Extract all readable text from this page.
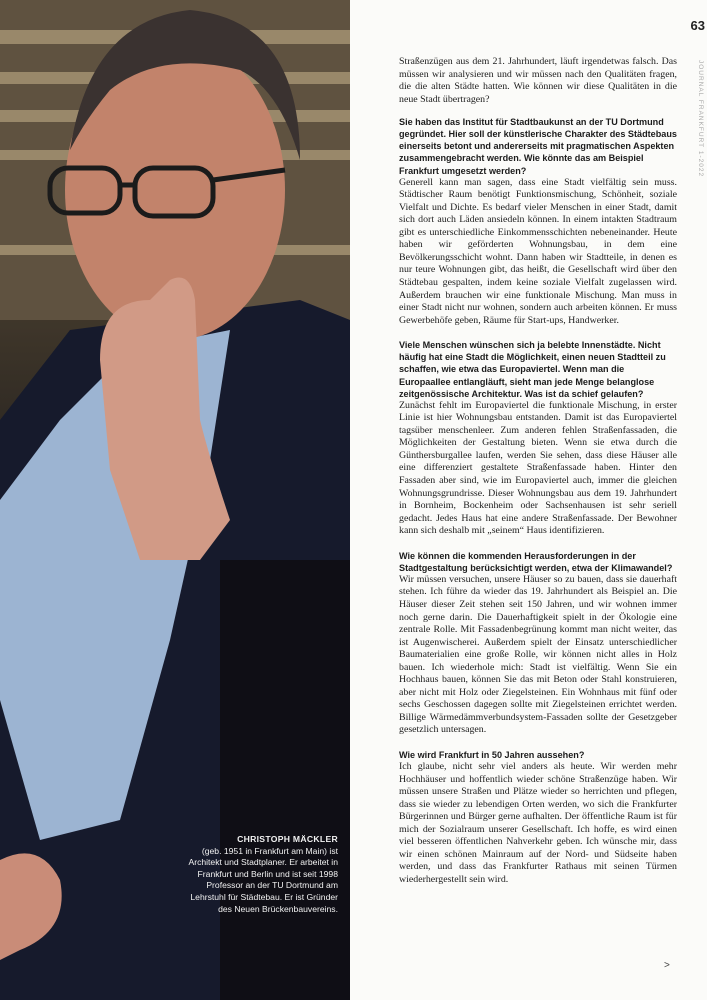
CHRISTOPH MÄCKLER
(geb. 1951 in Frankfurt am Main) ist Architekt und Stadtplaner. Er arbeitet in Frankfurt und Berlin und ist seit 1998 Professor an der TU Dortmund am Lehrstuhl für Städtebau. Er ist Gründer des Neuen Brückenbauvereins.
63
JOURNAL FRANKFURT 1-2022

Straßenzügen aus dem 21. Jahrhundert, läuft irgendetwas falsch. Das müssen wir analysieren und wir müssen nach den Qualitäten fragen, die die alten Städte hatten. Wie können wir diese Qualitäten in die neue Stadt übertragen?

Sie haben das Institut für Stadtbaukunst an der TU Dortmund gegründet. Hier soll der künstlerische Charakter des Städtebaus einerseits betont und andererseits mit pragmatischen Aspekten zusammengebracht werden. Wie könnte das am Beispiel Frankfurt umgesetzt werden?

Generell kann man sagen, dass eine Stadt vielfältig sein muss. Städtischer Raum benötigt Funktionsmischung, Schönheit, soziale Vielfalt und Dichte. Es bedarf vieler Menschen in einer Stadt, damit sich dort auch Läden ansiedeln können. In einem intakten Stadtraum gibt es unterschiedliche Einkommensschichten nebeneinander. Heute haben wir geförderten Wohnungsbau, in dem eine Bevölkerungsschicht wohnt. Dann haben wir Stadtteile, in denen es nur teure Wohnungen gibt, das heißt, die Gesellschaft wird über den Städtebau gespalten, indem keine soziale Vielfalt zugelassen wird. Außerdem brauchen wir eine funktionale Mischung. Man muss in einer Stadt nicht nur wohnen, sondern auch arbeiten können. Er muss Gewerbehöfe geben, Räume für Start-ups, Handwerker.

Viele Menschen wünschen sich ja belebte Innenstädte. Nicht häufig hat eine Stadt die Möglichkeit, einen neuen Stadtteil zu schaffen, wie etwa das Europaviertel. Wenn man die Europaallee entlangläuft, sieht man jede Menge belanglose zeitgenössische Architektur. Was ist da schief gelaufen?

Zunächst fehlt im Europaviertel die funktionale Mischung, in erster Linie ist hier Wohnungsbau entstanden. Damit ist das Europaviertel tagsüber menschenleer. Zum anderen fehlen Straßenfassaden, die Möglichkeiten der Gestaltung bieten. Wenn sie etwa durch die Günthersburgallee laufen, werden Sie sehen, dass diese Häuser alle eine differenziert gestaltete Straßenfassade haben. Hinter den Fassaden aber sind, wie im Europaviertel auch, immer die gleichen Wohnungsgrundrisse. Dieser Wohnungsbau aus dem 19. Jahrhundert in Bornheim, Bockenheim oder Sachsenhausen ist sehr seriell gedacht. Jedes Haus hat eine andere Straßenfassade. Der Bewohner kann sich deshalb mit „seinem“ Haus identifizieren.

Wie können die kommenden Herausforderungen in der Stadtgestaltung berücksichtigt werden, etwa der Klimawandel?

Wir müssen versuchen, unsere Häuser so zu bauen, dass sie dauerhaft stehen. Ich führe da wieder das 19. Jahrhundert als Beispiel an. Die Häuser dieser Zeit stehen seit 150 Jahren, und wir wohnen immer noch gerne darin. Die Dauerhaftigkeit spielt in der Ökologie eine zentrale Rolle. Mit Fassadenbegrünung kommt man nicht weiter, das ist Augenwischerei. Außerdem spielt der Einsatz unterschiedlicher Baumaterialien eine große Rolle, wir können nicht alles in Holz bauen. Ich wiederhole mich: Stadt ist vielfältig. Wenn Sie ein Hochhaus bauen, können Sie das mit Beton oder Stahl konstruieren, aber nicht mit Holz oder Ziegelsteinen. Ein Wohnhaus mit fünf oder sechs Geschossen dagegen sollte mit Ziegelsteinen errichtet werden. Billige Wärmedämmverbundsystem-Fassaden sollte der Gesetzgeber gesetzlich untersagen.

Wie wird Frankfurt in 50 Jahren aussehen?

Ich glaube, nicht sehr viel anders als heute. Wir werden mehr Hochhäuser und hoffentlich wieder schöne Straßenzüge haben. Wir müssen unsere Straßen und Plätze wieder so herrichten und pflegen, dass sie wieder zu lebendigen Orten werden, wo sich die Frankfurter Bürgerinnen und Bürger gerne aufhalten. Der öffentliche Raum ist für mich der Sozialraum unserer Gesellschaft. Ich hoffe, es wird einen viel besseren öffentlichen Nahverkehr geben. Ich wünsche mir, dass wir einen schönen Mainraum auf der Nord- und Südseite haben werden, und dass das Frankfurter Rathaus mit seinen Türmen wiederhergestellt sein wird.

>
